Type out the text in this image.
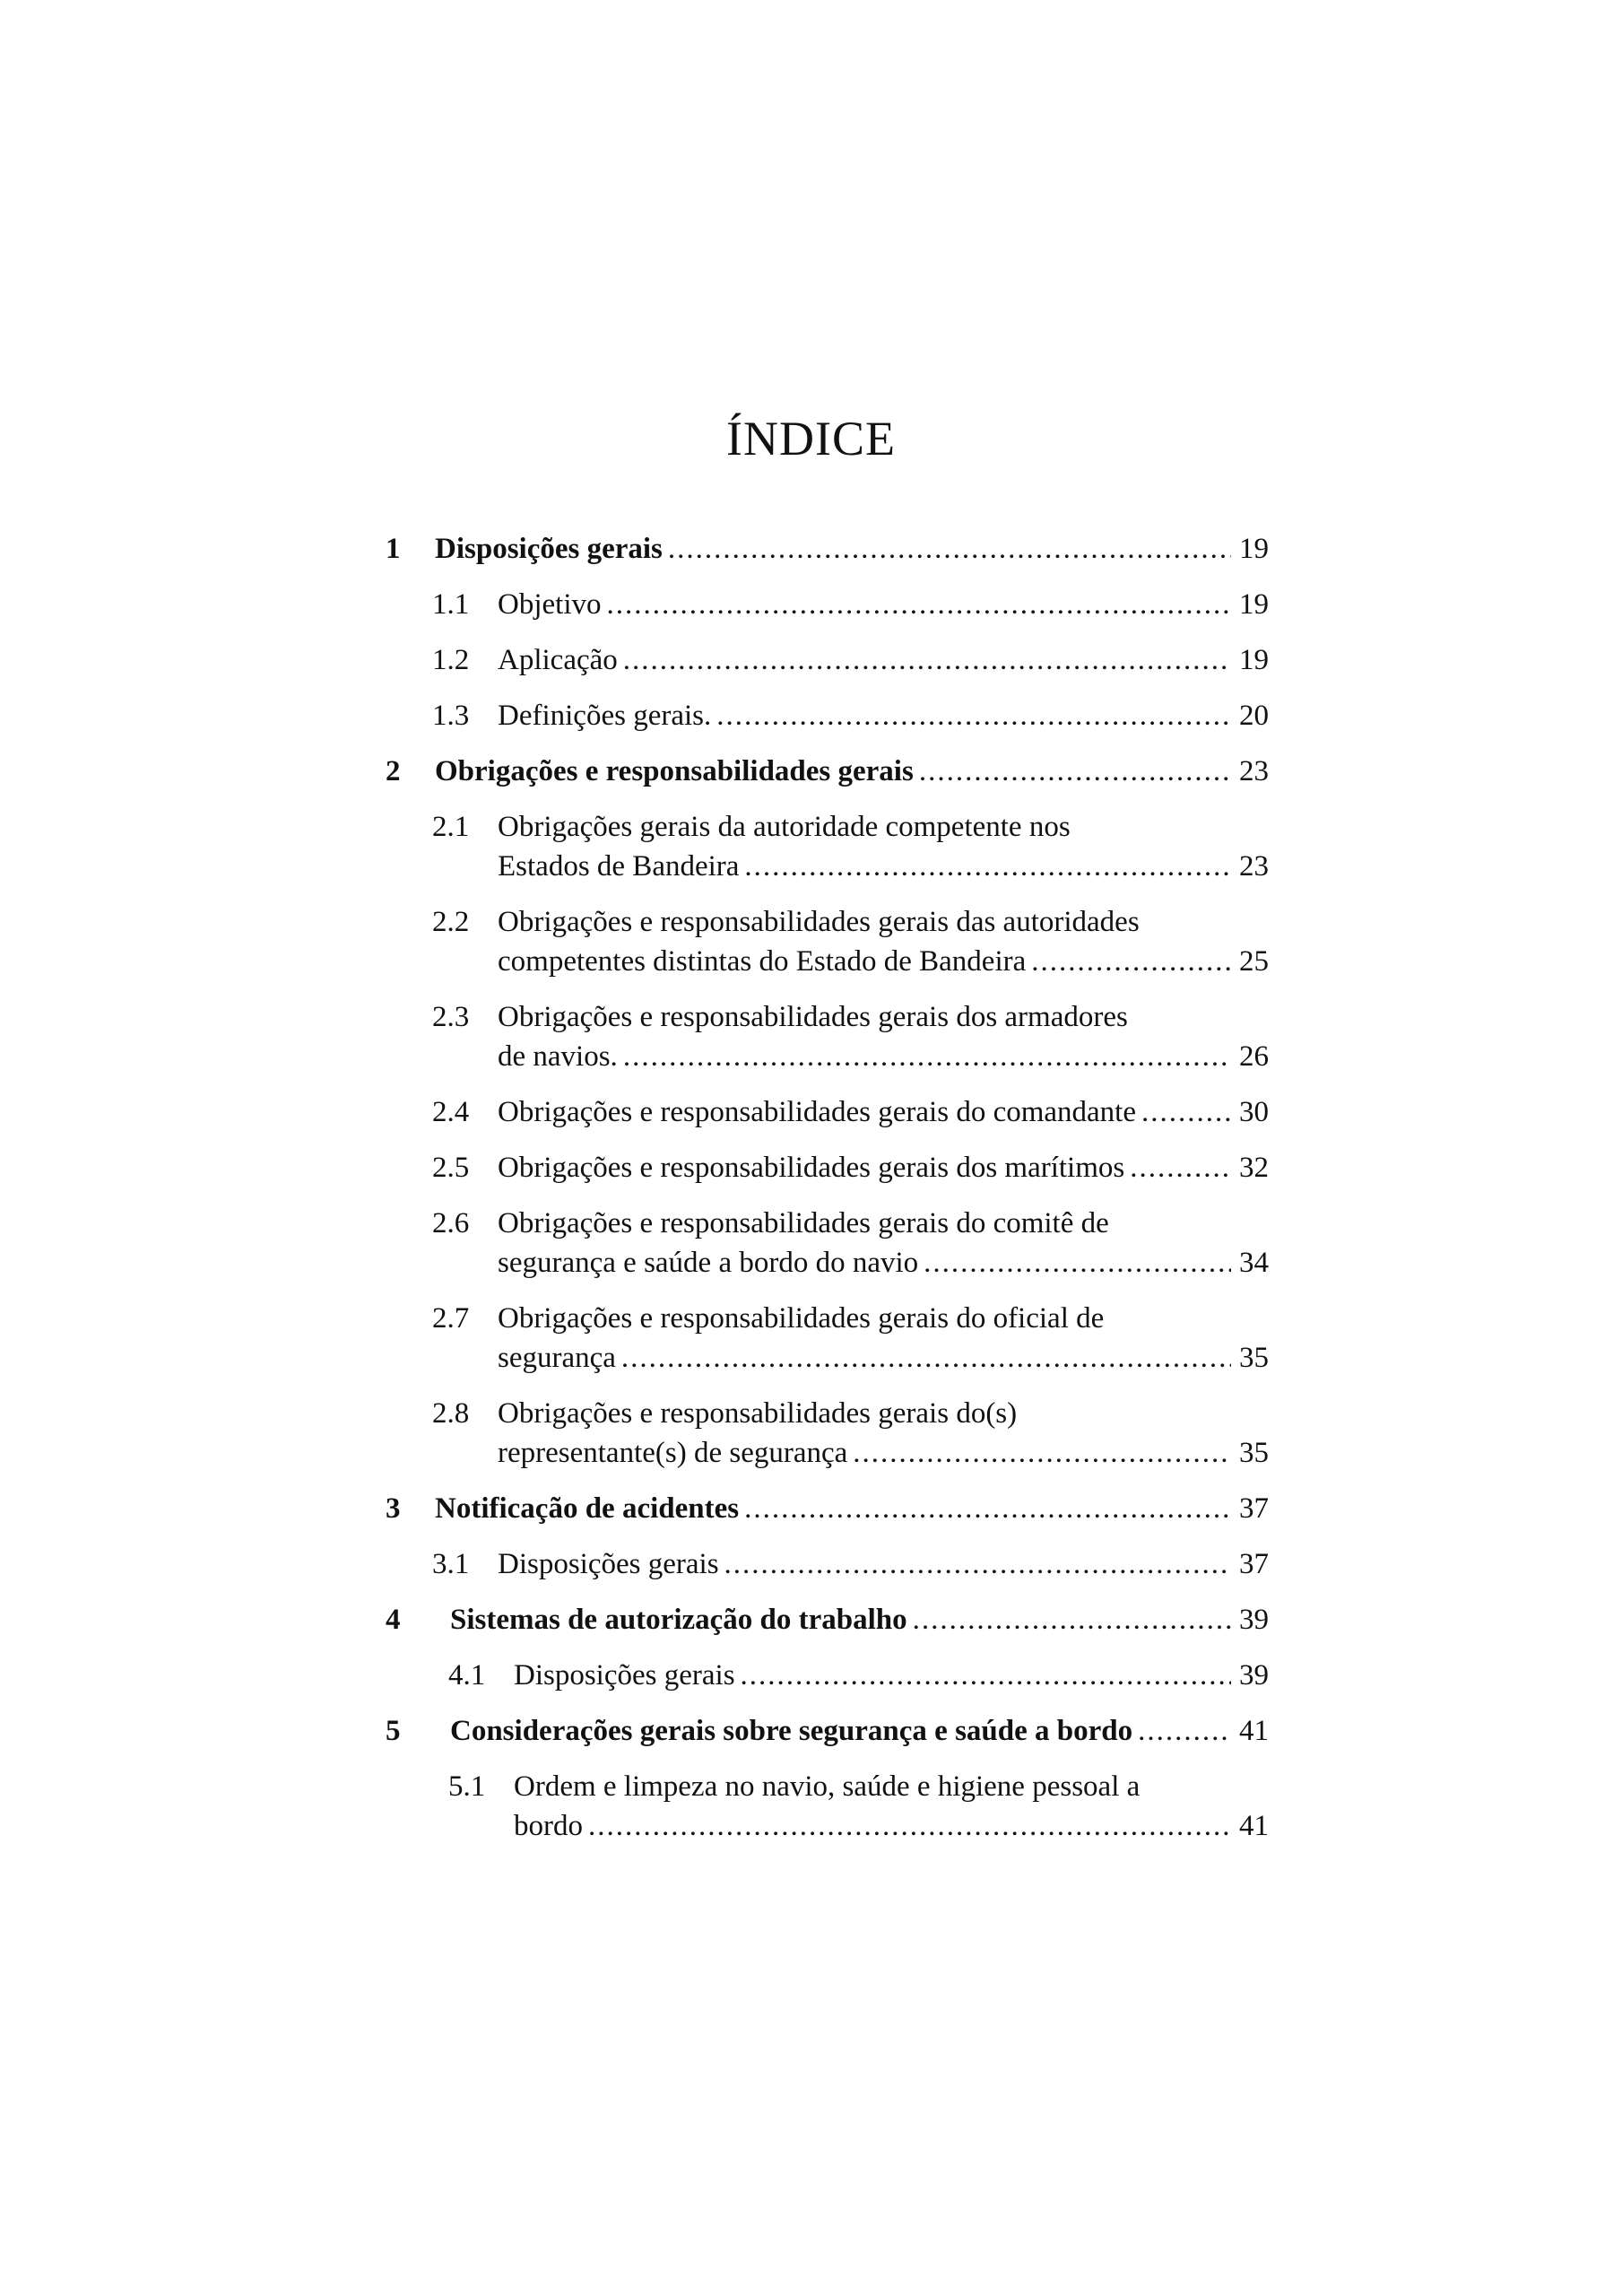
ÍNDICE
1	Disposições gerais .....	19
1.1 Objetivo .....	19
1.2 Aplicação .....	19
1.3 Definições gerais. .....	20
2	Obrigações e responsabilidades gerais .....	23
2.1 Obrigações gerais da autoridade competente nos
Estados de Bandeira .....	23
2.2 Obrigações e responsabilidades gerais das autoridades
competentes distintas do Estado de Bandeira .....	25
2.3 Obrigações e responsabilidades gerais dos armadores
de navios. .....	26
2.4 Obrigações e responsabilidades gerais do comandante .....	30
2.5 Obrigações e responsabilidades gerais dos marítimos .....	32
2.6 Obrigações e responsabilidades gerais do comitê de
segurança e saúde a bordo do navio .....	34
2.7 Obrigações e responsabilidades gerais do oficial de
segurança .....	35
2.8 Obrigações e responsabilidades gerais do(s)
representante(s) de segurança .....	35
3	Notificação de acidentes .....	37
3.1 Disposições gerais .....	37
4	Sistemas de autorização do trabalho .....	39
4.1 Disposições gerais .....	39
5	Considerações gerais sobre segurança e saúde a bordo .....	41
5.1 Ordem e limpeza no navio, saúde e higiene pessoal a
bordo .....	41
